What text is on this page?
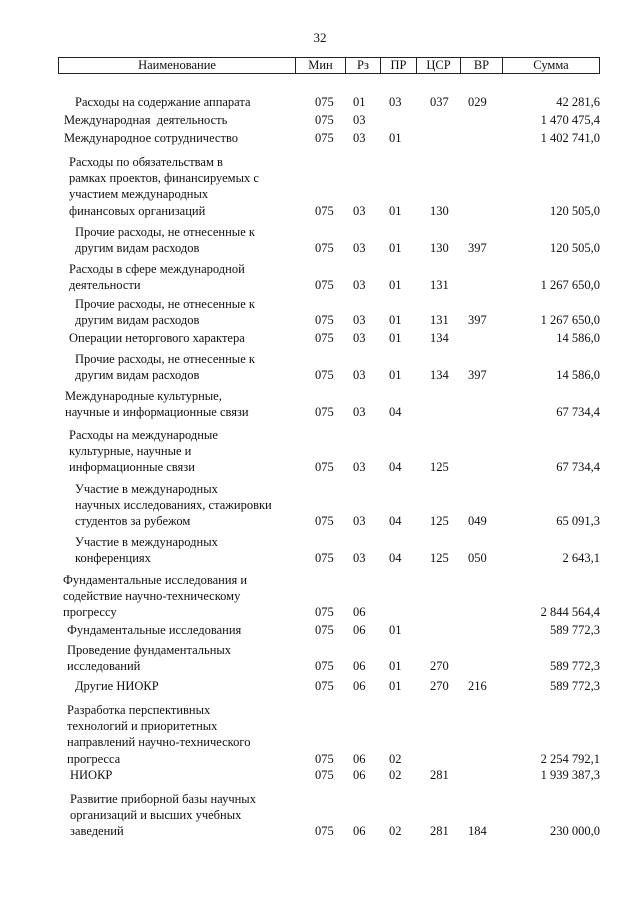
32
Наименование	Мин	Рз	ПР	ЦСР	ВР	Сумма
Расходы на содержание аппарата	075 01 03 037 029	42 281,6
Международная  деятельность	075 03	1 470 475,4
Международное сотрудничество	075 03 01	1 402 741,0
Расходы по обязательствам в
рамках проектов, финансируемых с
участием международных
финансовых организаций	075 03 01 130	120 505,0
Прочие расходы, не отнесенные к
другим видам расходов	075 03 01 130 397	120 505,0
Расходы в сфере международной
деятельности	075 03 01 131	1 267 650,0
Прочие расходы, не отнесенные к
другим видам расходов	075 03 01 131 397	1 267 650,0
Операции неторгового характера	075 03 01 134	14 586,0
Прочие расходы, не отнесенные к
другим видам расходов	075 03 01 134 397	14 586,0
Международные культурные,
научные и информационные связи	075 03 04	67 734,4
Расходы на международные
культурные, научные и
информационные связи	075 03 04 125	67 734,4
Участие в международных
научных исследованиях, стажировки
студентов за рубежом	075 03 04 125 049	65 091,3
Участие в международных
конференциях	075 03 04 125 050	2 643,1
Фундаментальные исследования и
содействие научно-техническому
прогрессу	075 06	2 844 564,4
Фундаментальные исследования	075 06 01	589 772,3
Проведение фундаментальных
исследований	075 06 01 270	589 772,3
Другие НИОКР	075 06 01 270 216	589 772,3
Разработка перспективных
технологий и приоритетных
направлений научно-технического
прогресса	075 06 02	2 254 792,1
НИОКР	075 06 02 281	1 939 387,3
Развитие приборной базы научных
организаций и высших учебных
заведений	075 06 02 281 184	230 000,0
